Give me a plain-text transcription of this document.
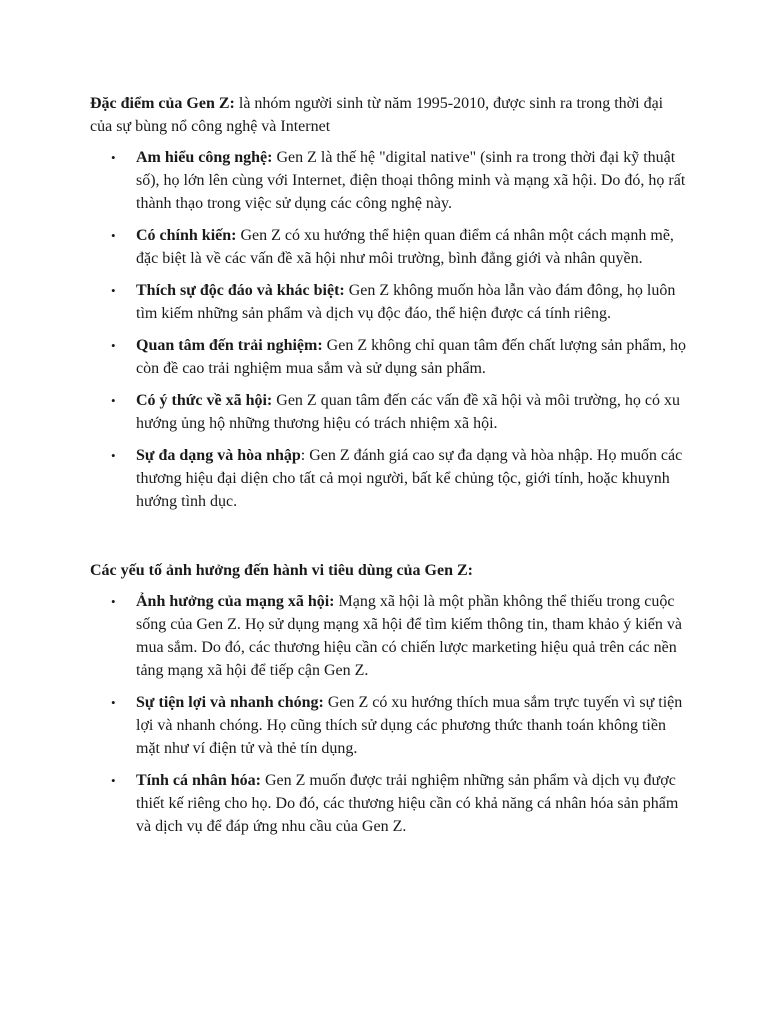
Đặc điểm của Gen Z: là nhóm người sinh từ năm 1995-2010, được sinh ra trong thời đại của sự bùng nổ công nghệ và Internet

• Am hiểu công nghệ: Gen Z là thế hệ "digital native" (sinh ra trong thời đại kỹ thuật số), họ lớn lên cùng với Internet, điện thoại thông minh và mạng xã hội. Do đó, họ rất thành thạo trong việc sử dụng các công nghệ này.
• Có chính kiến: Gen Z có xu hướng thể hiện quan điểm cá nhân một cách mạnh mẽ, đặc biệt là về các vấn đề xã hội như môi trường, bình đẳng giới và nhân quyền.
• Thích sự độc đáo và khác biệt: Gen Z không muốn hòa lẫn vào đám đông, họ luôn tìm kiếm những sản phẩm và dịch vụ độc đáo, thể hiện được cá tính riêng.
• Quan tâm đến trải nghiệm: Gen Z không chỉ quan tâm đến chất lượng sản phẩm, họ còn đề cao trải nghiệm mua sắm và sử dụng sản phẩm.
• Có ý thức về xã hội: Gen Z quan tâm đến các vấn đề xã hội và môi trường, họ có xu hướng ủng hộ những thương hiệu có trách nhiệm xã hội.
• Sự đa dạng và hòa nhập: Gen Z đánh giá cao sự đa dạng và hòa nhập. Họ muốn các thương hiệu đại diện cho tất cả mọi người, bất kể chủng tộc, giới tính, hoặc khuynh hướng tình dục.

Các yếu tố ảnh hưởng đến hành vi tiêu dùng của Gen Z:

• Ảnh hưởng của mạng xã hội: Mạng xã hội là một phần không thể thiếu trong cuộc sống của Gen Z. Họ sử dụng mạng xã hội để tìm kiếm thông tin, tham khảo ý kiến và mua sắm. Do đó, các thương hiệu cần có chiến lược marketing hiệu quả trên các nền tảng mạng xã hội để tiếp cận Gen Z.
• Sự tiện lợi và nhanh chóng: Gen Z có xu hướng thích mua sắm trực tuyến vì sự tiện lợi và nhanh chóng. Họ cũng thích sử dụng các phương thức thanh toán không tiền mặt như ví điện tử và thẻ tín dụng.
• Tính cá nhân hóa: Gen Z muốn được trải nghiệm những sản phẩm và dịch vụ được thiết kế riêng cho họ. Do đó, các thương hiệu cần có khả năng cá nhân hóa sản phẩm và dịch vụ để đáp ứng nhu cầu của Gen Z.
